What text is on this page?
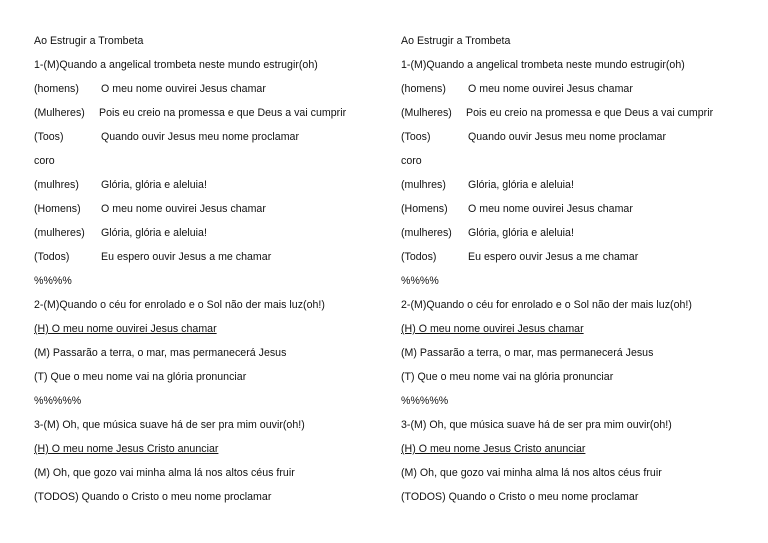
Ao Estrugir a Trombeta
1-(M)Quando a angelical trombeta neste mundo estrugir(oh)
(homens) O meu nome ouvirei Jesus chamar
(Mulheres) Pois eu creio na promessa e que Deus a vai cumprir
(Toos)	Quando ouvir Jesus meu nome proclamar
coro
(mulhres) Glória, glória e aleluia!
(Homens) O meu nome ouvirei Jesus chamar
(mulheres) Glória, glória e aleluia!
(Todos)	Eu espero ouvir Jesus a me chamar
%%%%
2-(M)Quando o céu for enrolado e o Sol não der mais luz(oh!)
(H) O meu nome ouvirei Jesus chamar
(M) Passarão a terra, o mar, mas permanecerá Jesus
(T) Que o meu nome vai na glória pronunciar
%%%%%
3-(M) Oh, que música suave há de ser pra mim ouvir(oh!)
(H) O meu nome Jesus Cristo anunciar
(M) Oh, que gozo vai minha alma lá nos altos céus fruir
(TODOS) Quando o Cristo o meu nome proclamar
Ao Estrugir a Trombeta
1-(M)Quando a angelical trombeta neste mundo estrugir(oh)
(homens) O meu nome ouvirei Jesus chamar
(Mulheres) Pois eu creio na promessa e que Deus a vai cumprir
(Toos)	Quando ouvir Jesus meu nome proclamar
coro
(mulhres) Glória, glória e aleluia!
(Homens) O meu nome ouvirei Jesus chamar
(mulheres) Glória, glória e aleluia!
(Todos)	Eu espero ouvir Jesus a me chamar
%%%%
2-(M)Quando o céu for enrolado e o Sol não der mais luz(oh!)
(H) O meu nome ouvirei Jesus chamar
(M) Passarão a terra, o mar, mas permanecerá Jesus
(T) Que o meu nome vai na glória pronunciar
%%%%%
3-(M) Oh, que música suave há de ser pra mim ouvir(oh!)
(H) O meu nome Jesus Cristo anunciar
(M) Oh, que gozo vai minha alma lá nos altos céus fruir
(TODOS) Quando o Cristo o meu nome proclamar
